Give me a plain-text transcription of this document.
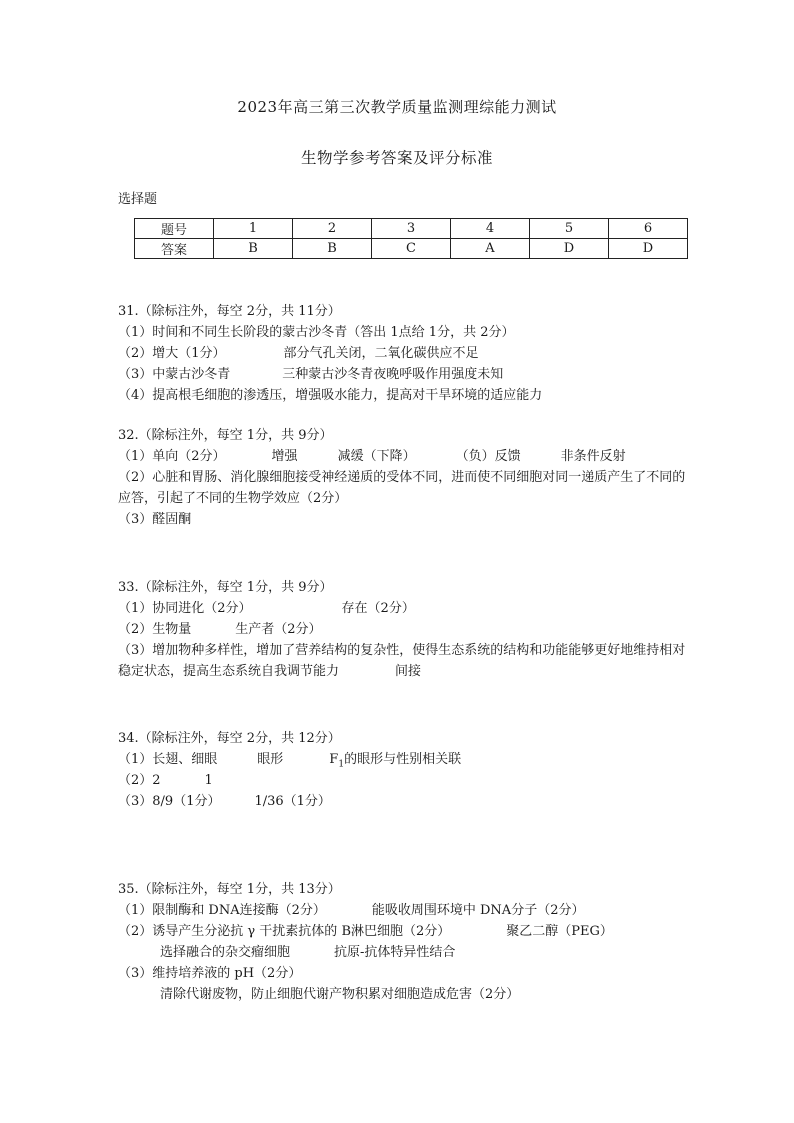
2023年高三第三次教学质量监测理综能力测试
生物学参考答案及评分标准
选择题
题号	1	2	3	4	5	6
答案	B	B	C	A	D	D
31.（除标注外，每空 2分，共 11分）
（1）时间和不同生长阶段的蒙古沙冬青（答出 1点给 1分，共 2分）
（2）增大（1分）	部分气孔关闭，二氧化碳供应不足
（3）中蒙古沙冬青	三种蒙古沙冬青夜晚呼吸作用强度未知
（4）提高根毛细胞的渗透压，增强吸水能力，提高对干旱环境的适应能力
32.（除标注外，每空 1分，共 9分）
（1）单向（2分）	增强	减缓（下降）	（负）反馈	非条件反射
（2）心脏和胃肠、消化腺细胞接受神经递质的受体不同，进而使不同细胞对同一递质产生了不同的应答，引起了不同的生物学效应（2分）
（3）醛固酮
33.（除标注外，每空 1分，共 9分）
（1）协同进化（2分）	存在（2分）
（2）生物量	生产者（2分）
（3）增加物种多样性，增加了营养结构的复杂性，使得生态系统的结构和功能能够更好地维持相对稳定状态，提高生态系统自我调节能力	间接
34.（除标注外，每空 2分，共 12分）
（1）长翅、细眼	眼形	$F_1$的眼形与性别相关联
（2）2	1
（3）8/9（1分）	1/36（1分）
35.（除标注外，每空 1分，共 13分）
（1）限制酶和 DNA连接酶（2分）	能吸收周围环境中 DNA分子（2分）
（2）诱导产生分泌抗 γ 干扰素抗体的 B淋巴细胞（2分）	聚乙二醇（PEG）
选择融合的杂交瘤细胞	抗原-抗体特异性结合
（3）维持培养液的 pH（2分）
清除代谢废物，防止细胞代谢产物积累对细胞造成危害（2分）
